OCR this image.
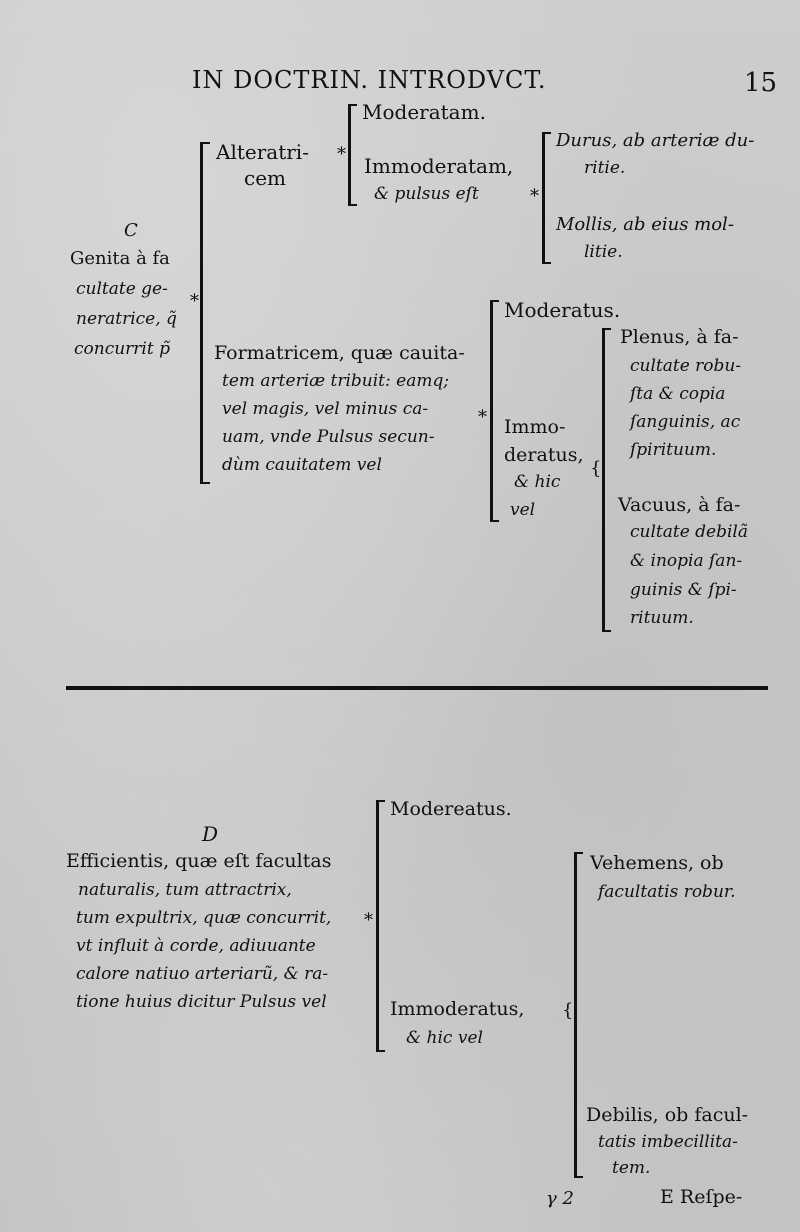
IN DOCTRIN. INTRODVCT.	15
C
Genita à fa
cultate ge-
neratrice, q̃
concurrit p̃
⁎
Alteratri-
cem
⁎
Moderatam.
Immoderatam,
& pulsus eſt	⁎
Durus, ab arteriæ du-
ritie.
Mollis, ab eius mol-
litie.
Formatricem, quæ cauita-
tem arteriæ tribuit: eamq;
vel magis, vel minus ca-
uam, vnde Pulsus secun-
dùm cauitatem vel
⁎
Moderatus.
Immo-
deratus,
& hic
vel
{
Plenus, à fa-
cultate robu-
ſta & copia
ſanguinis, ac
ſpirituum.
Vacuus, à fa-
cultate debilã
& inopia ſan-
guinis & ſpi-
rituum.
D
Efficientis, quæ eſt facultas
naturalis, tum attractrix,
tum expultrix, quæ concurrit,
vt influit à corde, adiuuante
calore natiuo arteriarũ, & ra-
tione huius dicitur Pulsus vel
⁎
Modereatus.
Immoderatus,
& hic vel
{
Vehemens, ob
facultatis robur.
Debilis, ob facul-
tatis imbecillita-
tem.
γ 2	E Reſpe-
